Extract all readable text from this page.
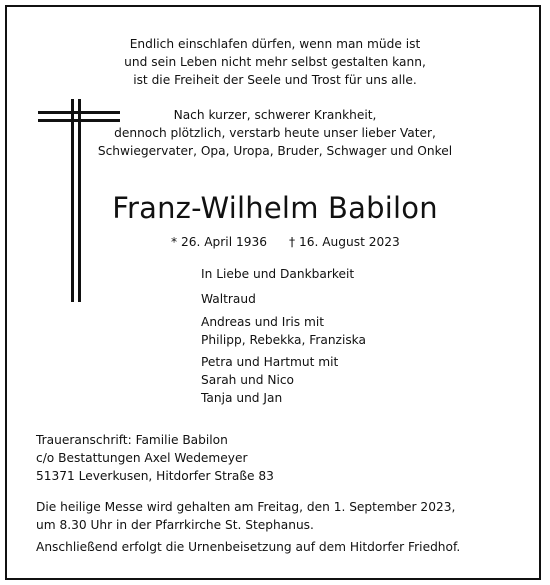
Endlich einschlafen dürfen, wenn man müde ist
und sein Leben nicht mehr selbst gestalten kann,
ist die Freiheit der Seele und Trost für uns alle.
Nach kurzer, schwerer Krankheit,
dennoch plötzlich, verstarb heute unser lieber Vater,
Schwiegervater, Opa, Uropa, Bruder, Schwager und Onkel
Franz-Wilhelm Babilon
* 26. April 1936 † 16. August 2023
In Liebe und Dankbarkeit
Waltraud
Andreas und Iris mit
Philipp, Rebekka, Franziska
Petra und Hartmut mit
Sarah und Nico
Tanja und Jan
Traueranschrift: Familie Babilon
c/o Bestattungen Axel Wedemeyer
51371 Leverkusen, Hitdorfer Straße 83
Die heilige Messe wird gehalten am Freitag, den 1. September 2023,
um 8.30 Uhr in der Pfarrkirche St. Stephanus.
Anschließend erfolgt die Urnenbeisetzung auf dem Hitdorfer Friedhof.
